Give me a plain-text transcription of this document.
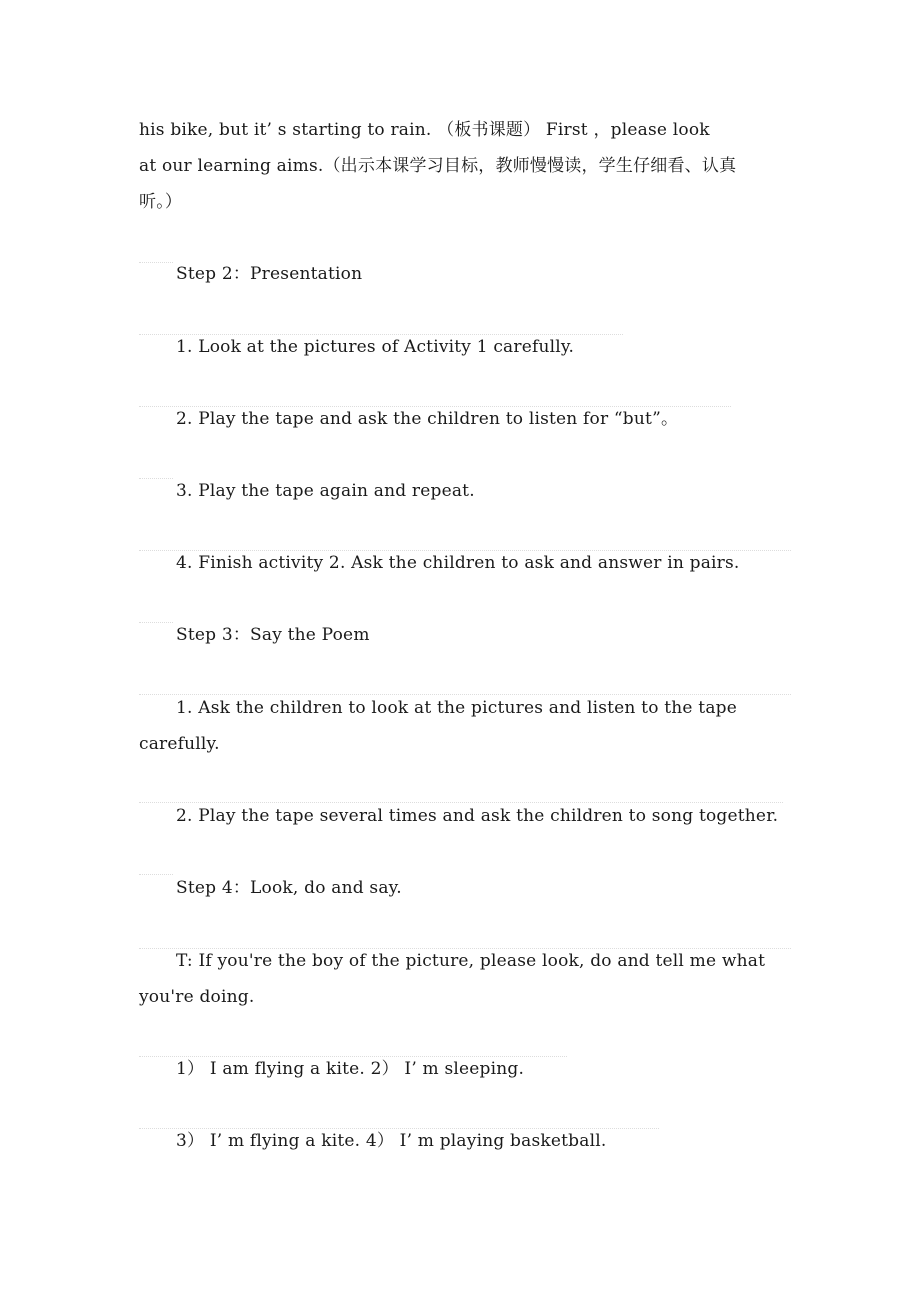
his bike, but it’ s starting to rain. （板书课题） First ，please look
at our learning aims.（出示本课学习目标，教师慢慢读，学生仔细看、认真
听。）
Step 2：Presentation
1. Look at the pictures of Activity 1 carefully.
2. Play the tape and ask the children to listen for “but”。
3. Play the tape again and repeat.
4. Finish activity 2. Ask the children to ask and answer in pairs.
Step 3：Say the Poem
1. Ask the children to look at the pictures and listen to the tape
carefully.
2. Play the tape several times and ask the children to song together.
Step 4：Look, do and say.
T: If you're the boy of the picture, please look, do and tell me what
you're doing.
1） I am flying a kite. 2） I’ m sleeping.
3） I’ m flying a kite. 4） I’ m playing basketball.
